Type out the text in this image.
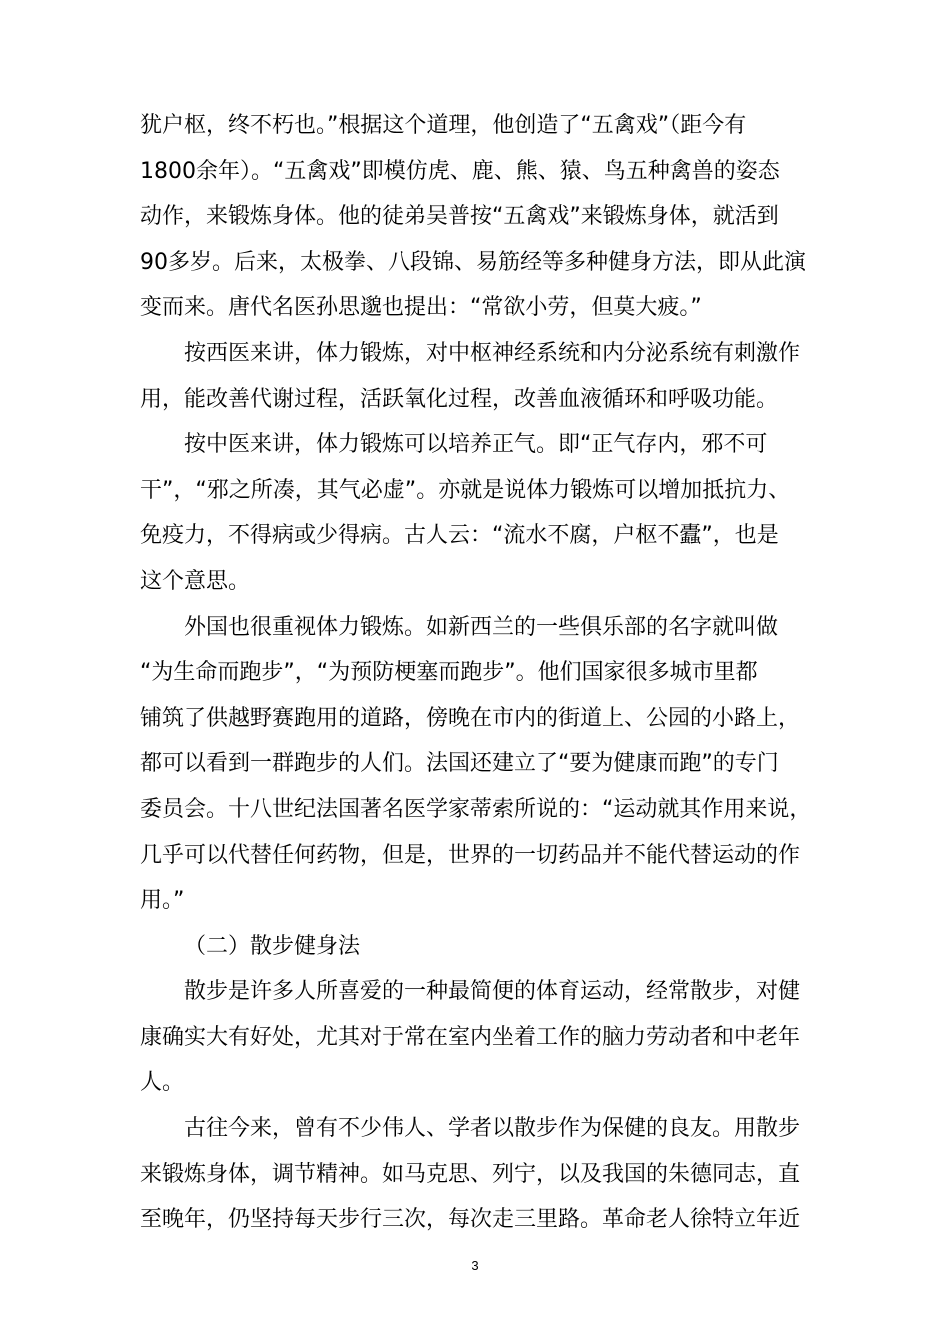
犹户枢，终不朽也。”根据这个道理，他创造了“五禽戏”（距今有
1800余年）。“五禽戏”即模仿虎、鹿、熊、猿、鸟五种禽兽的姿态
动作，来锻炼身体。他的徒弟吴普按“五禽戏”来锻炼身体，就活到
90多岁。后来，太极拳、八段锦、易筋经等多种健身方法，即从此演
变而来。唐代名医孙思邈也提出：“常欲小劳，但莫大疲。”

按西医来讲，体力锻炼，对中枢神经系统和内分泌系统有刺激作
用，能改善代谢过程，活跃氧化过程，改善血液循环和呼吸功能。

按中医来讲，体力锻炼可以培养正气。即“正气存内，邪不可
干”，“邪之所凑，其气必虚”。亦就是说体力锻炼可以增加抵抗力、
免疫力，不得病或少得病。古人云：“流水不腐，户枢不蠹”，也是
这个意思。

外国也很重视体力锻炼。如新西兰的一些俱乐部的名字就叫做
“为生命而跑步”，“为预防梗塞而跑步”。他们国家很多城市里都
铺筑了供越野赛跑用的道路，傍晚在市内的街道上、公园的小路上，
都可以看到一群跑步的人们。法国还建立了“要为健康而跑”的专门
委员会。十八世纪法国著名医学家蒂索所说的：“运动就其作用来说，
几乎可以代替任何药物，但是，世界的一切药品并不能代替运动的作
用。”

（二）散步健身法

散步是许多人所喜爱的一种最简便的体育运动，经常散步，对健
康确实大有好处，尤其对于常在室内坐着工作的脑力劳动者和中老年
人。

古往今来，曾有不少伟人、学者以散步作为保健的良友。用散步
来锻炼身体，调节精神。如马克思、列宁，以及我国的朱德同志，直
至晚年，仍坚持每天步行三次，每次走三里路。革命老人徐特立年近

3
